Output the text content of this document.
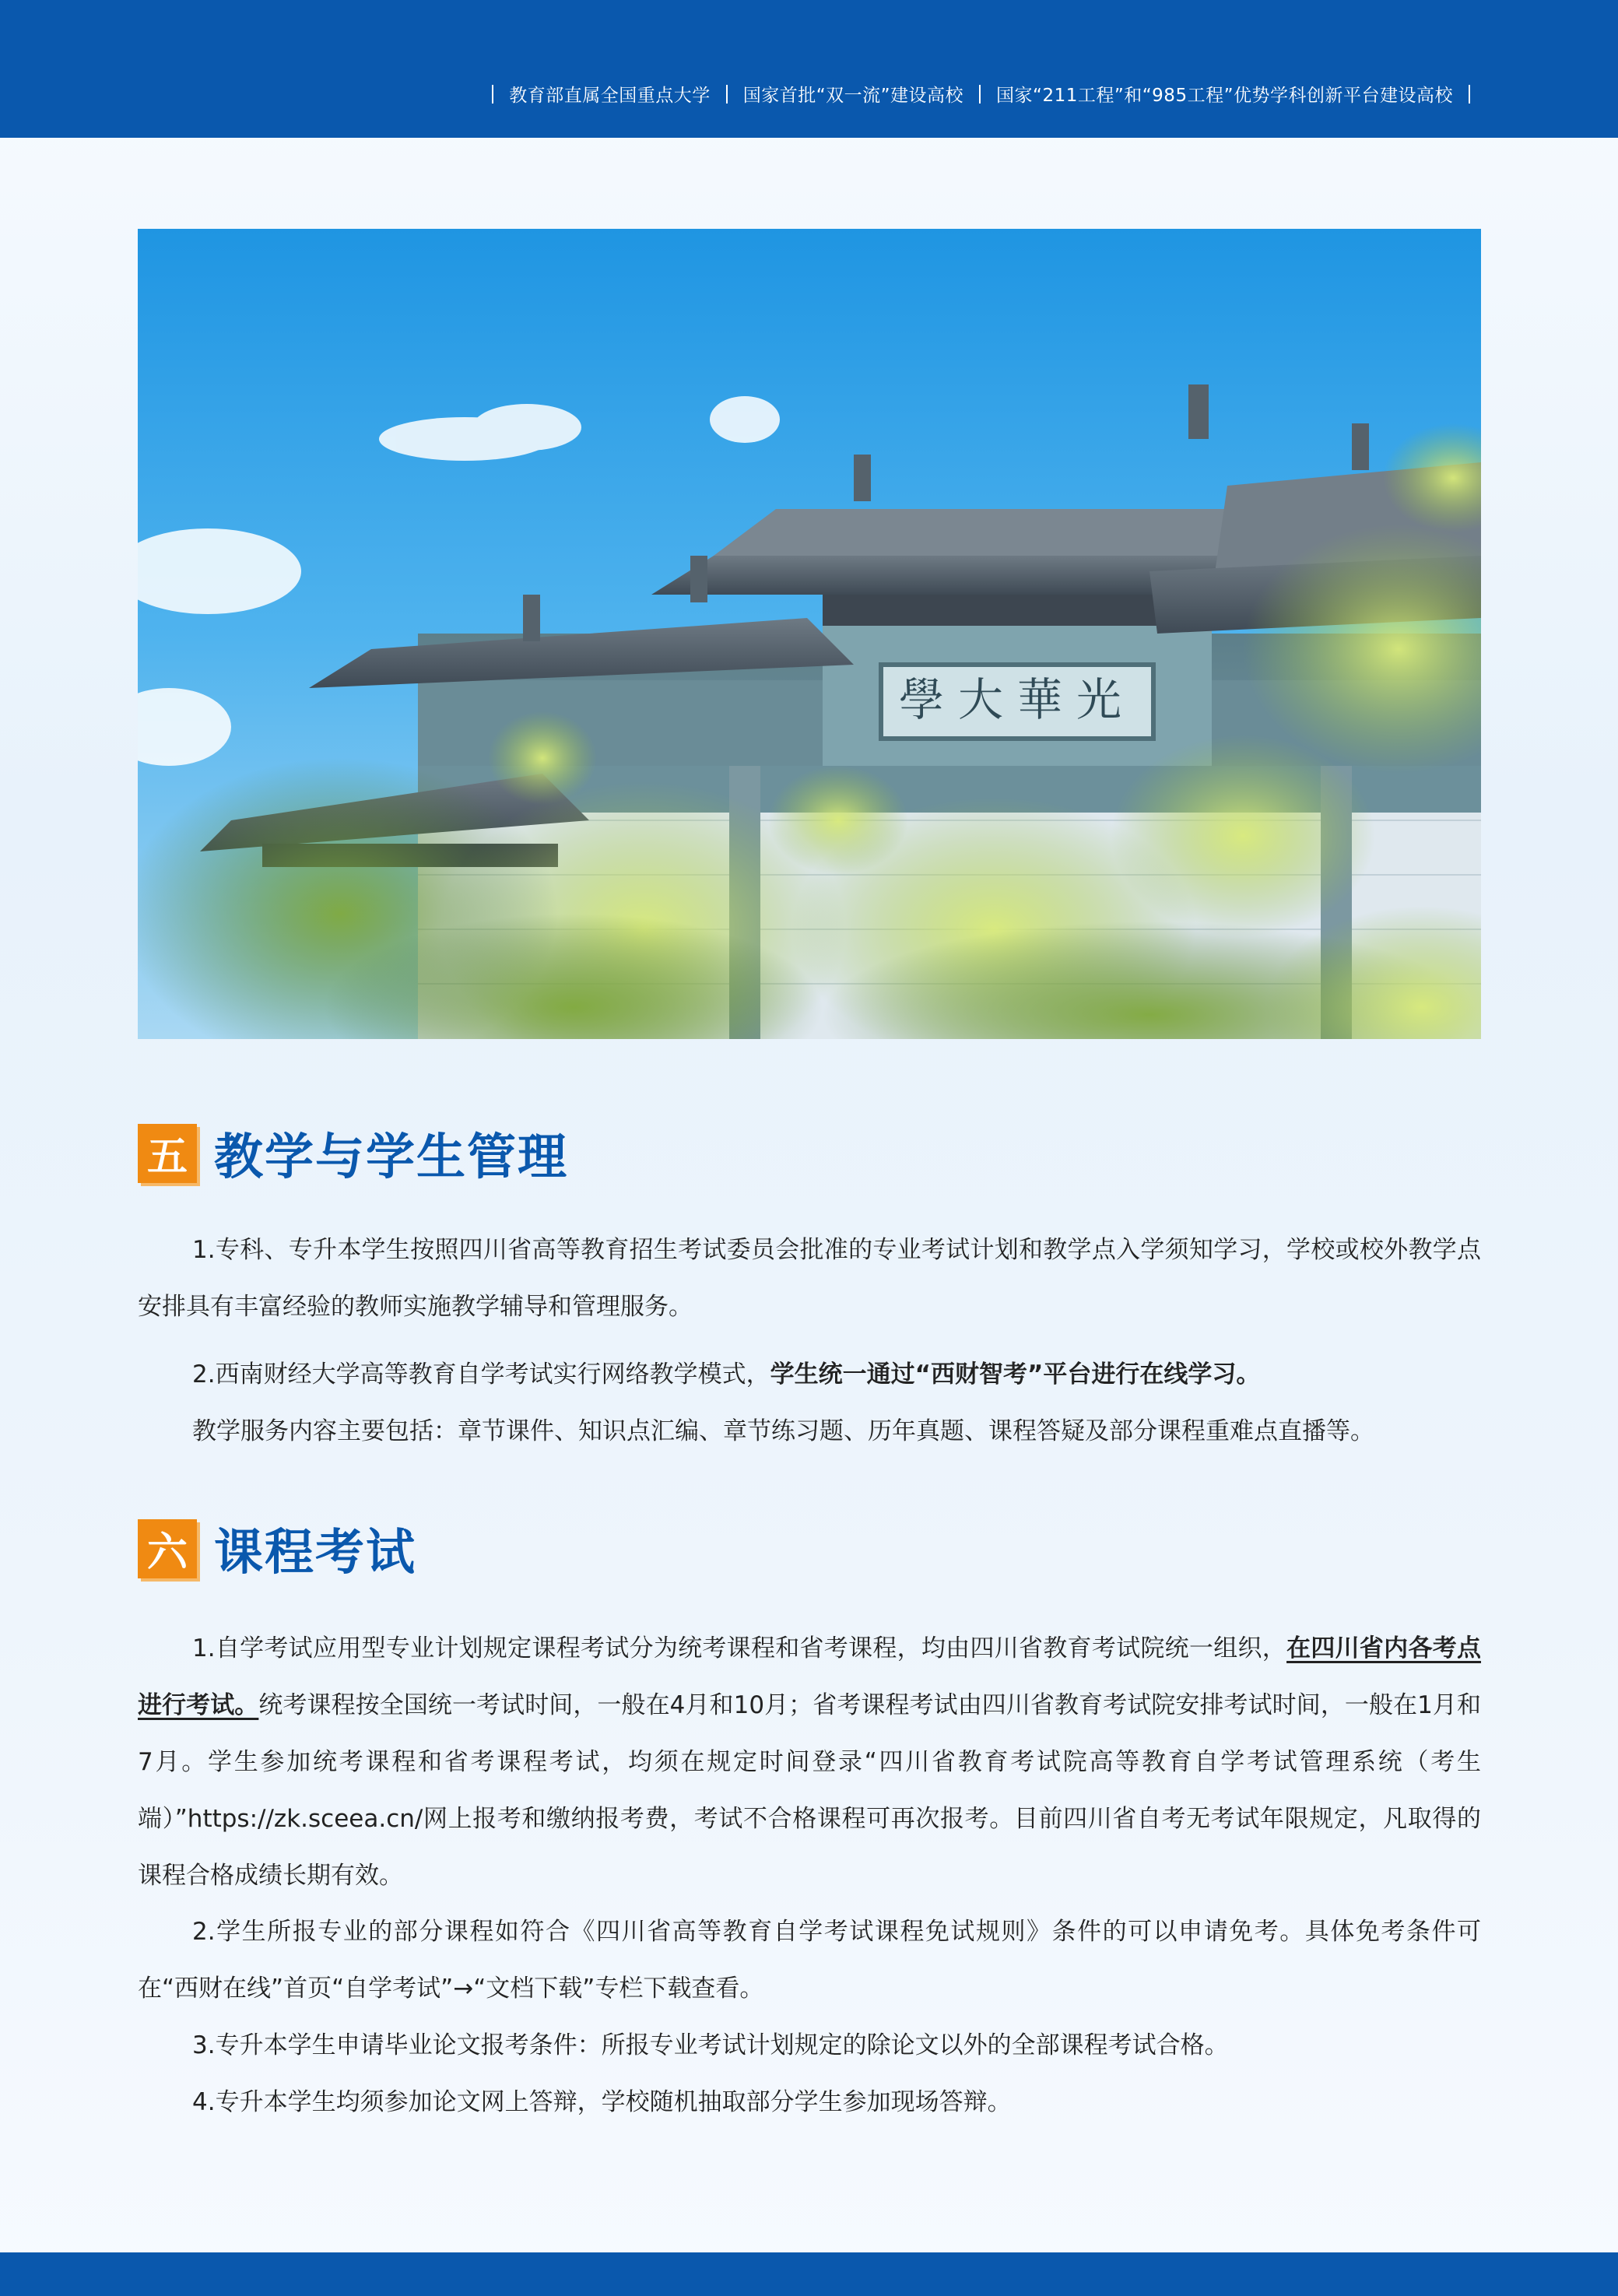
教育部直属全国重点大学 国家首批“双一流”建设高校 国家“211工程”和“985工程”优势学科创新平台建设高校
學大華光
五 教学与学生管理
1.专科、专升本学生按照四川省高等教育招生考试委员会批准的专业考试计划和教学点入学须知学习，学校或校外教学点安排具有丰富经验的教师实施教学辅导和管理服务。
2.西南财经大学高等教育自学考试实行网络教学模式，学生统一通过“西财智考”平台进行在线学习。
教学服务内容主要包括：章节课件、知识点汇编、章节练习题、历年真题、课程答疑及部分课程重难点直播等。
六 课程考试
1.自学考试应用型专业计划规定课程考试分为统考课程和省考课程，均由四川省教育考试院统一组织，在四川省内各考点进行考试。统考课程按全国统一考试时间，一般在4月和10月；省考课程考试由四川省教育考试院安排考试时间，一般在1月和7月。学生参加统考课程和省考课程考试，均须在规定时间登录“四川省教育考试院高等教育自学考试管理系统（考生端）”https://zk.sceea.cn/网上报考和缴纳报考费，考试不合格课程可再次报考。目前四川省自考无考试年限规定，凡取得的课程合格成绩长期有效。
2.学生所报专业的部分课程如符合《四川省高等教育自学考试课程免试规则》条件的可以申请免考。具体免考条件可在“西财在线”首页“自学考试”→“文档下载”专栏下载查看。
3.专升本学生申请毕业论文报考条件：所报专业考试计划规定的除论文以外的全部课程考试合格。
4.专升本学生均须参加论文网上答辩，学校随机抽取部分学生参加现场答辩。
